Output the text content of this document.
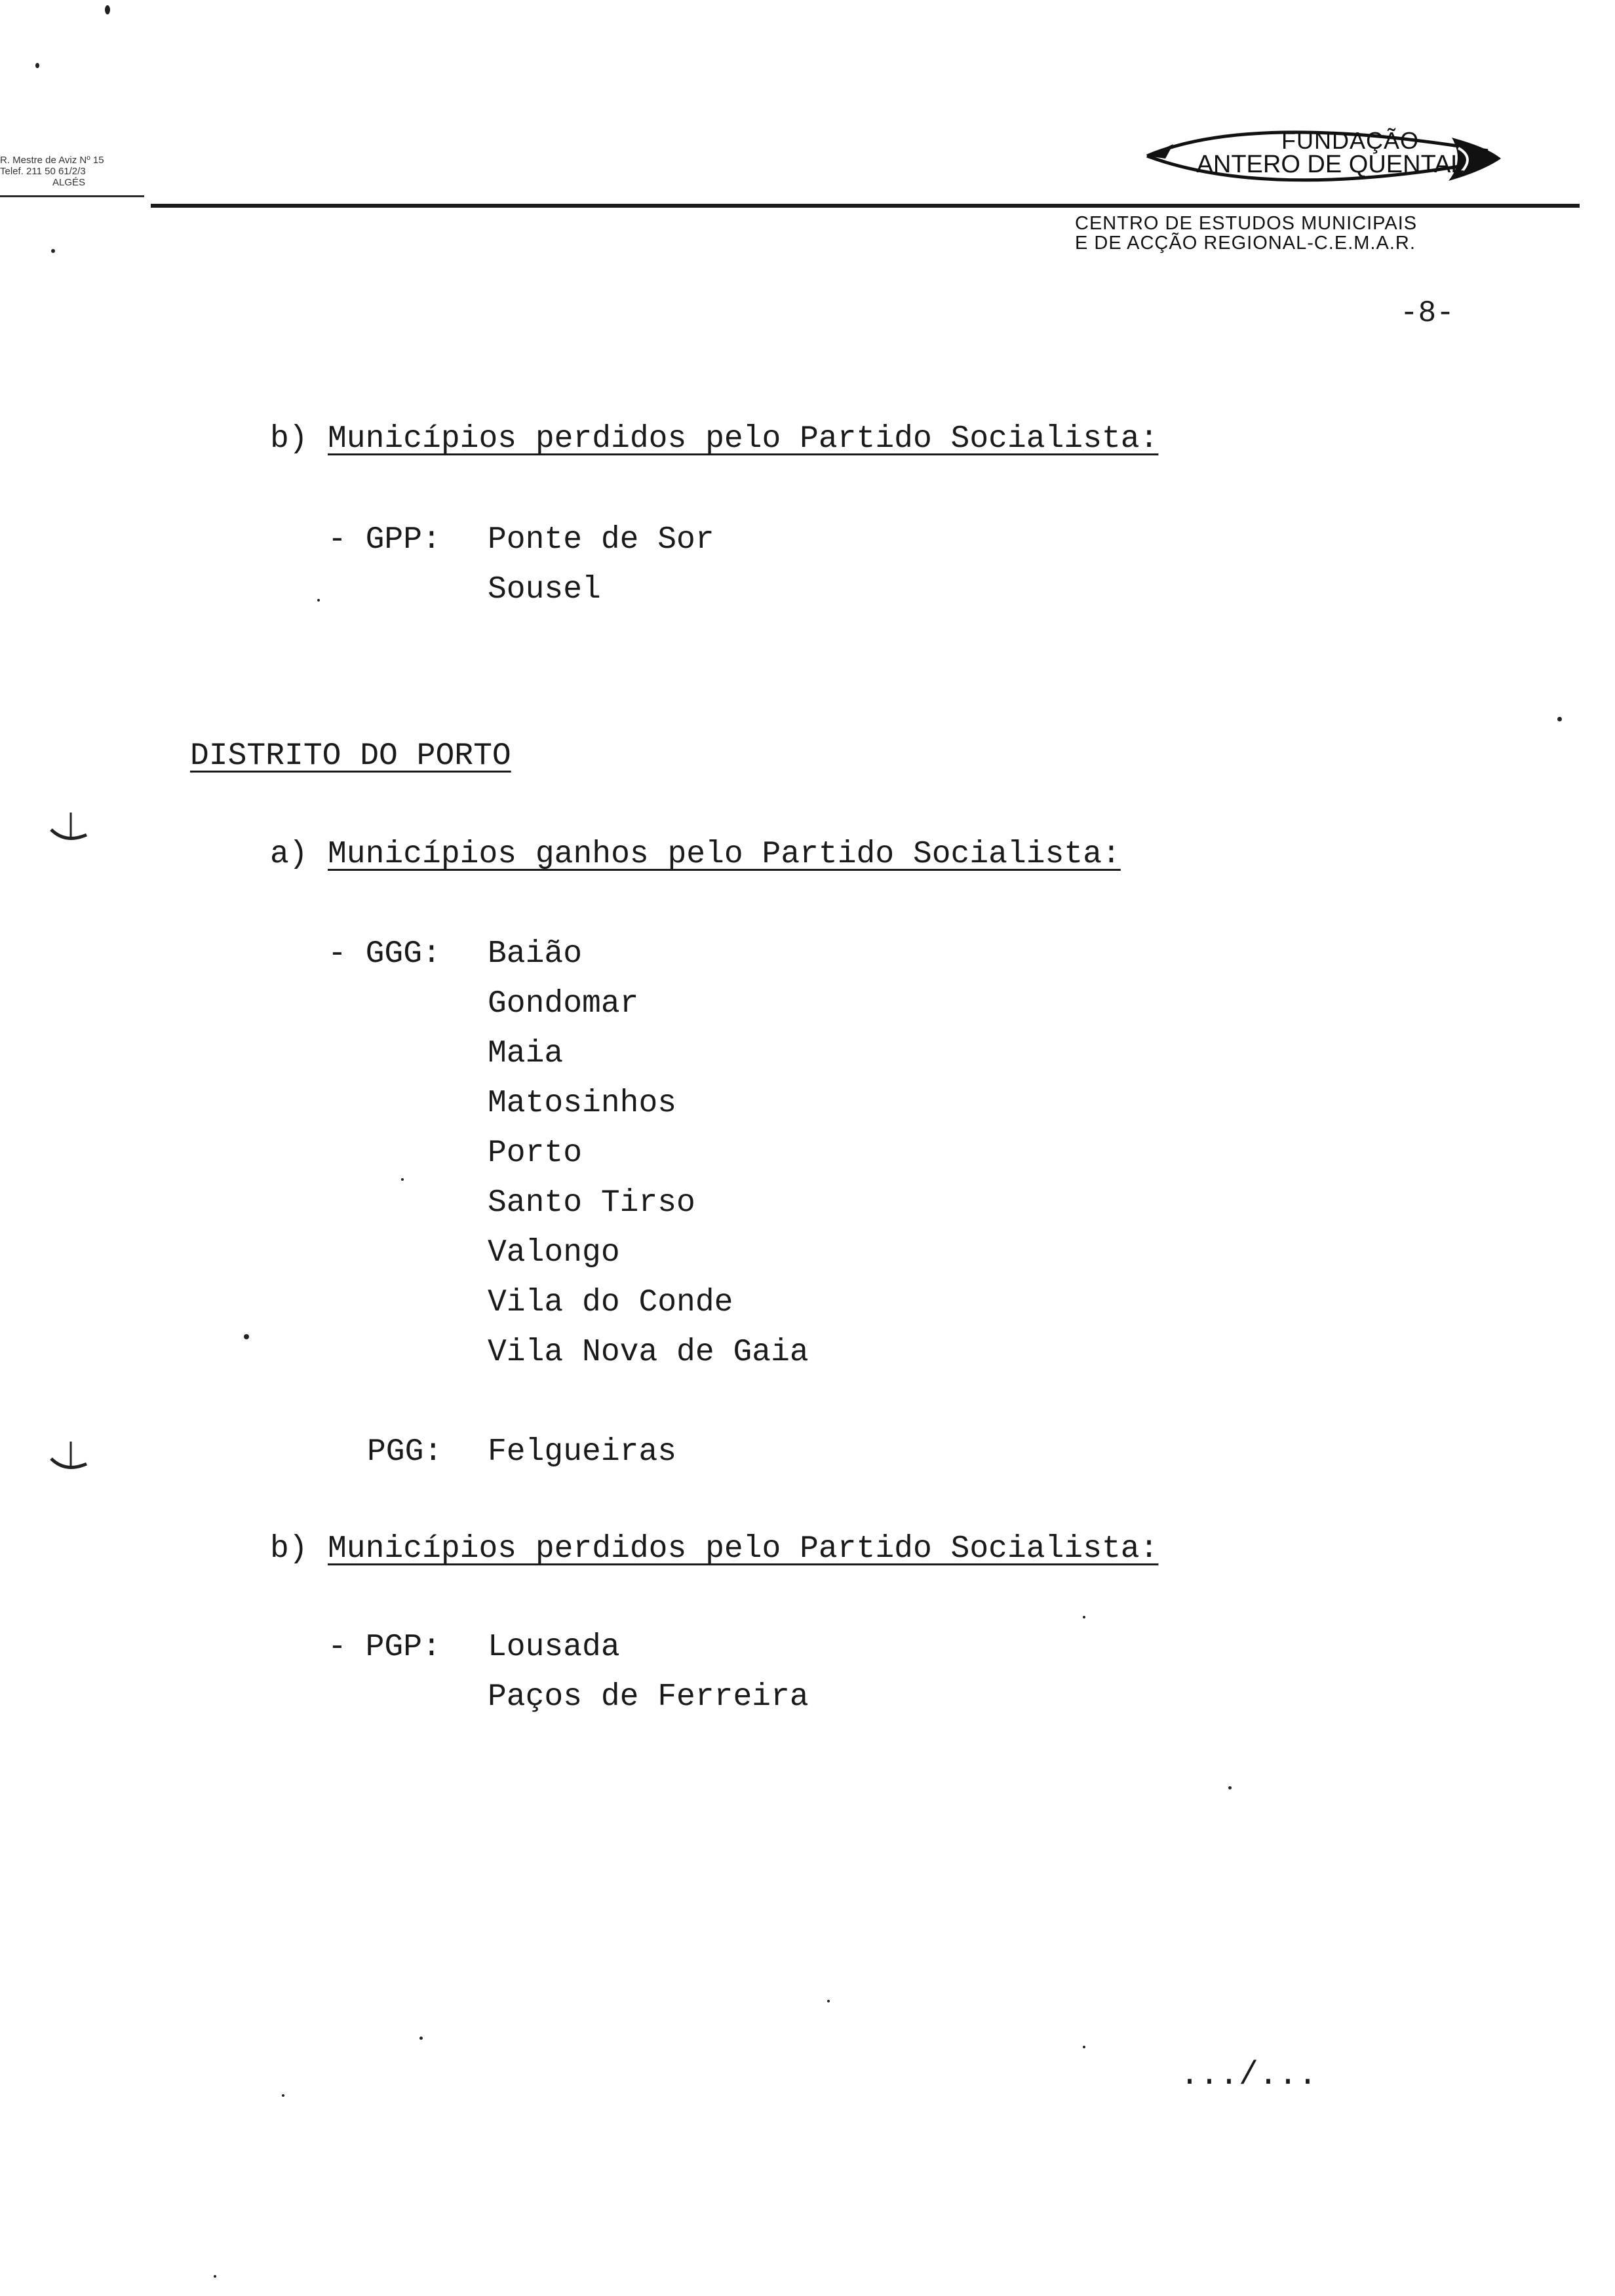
R. Mestre de Aviz Nº 15
Telef. 211 50 61/2/3
ALGÉS
FUNDAÇÃO
ANTERO DE QUENTAL
CENTRO DE ESTUDOS MUNICIPAIS
E DE ACÇÃO REGIONAL-C.E.M.A.R.
-8-
b) Municípios perdidos pelo Partido Socialista:
- GPP: Ponte de Sor
Sousel
DISTRITO DO PORTO
a) Municípios ganhos pelo Partido Socialista:
- GGG: Baião
Gondomar
Maia
Matosinhos
Porto
Santo Tirso
Valongo
Vila do Conde
Vila Nova de Gaia
PGG: Felgueiras
b) Municípios perdidos pelo Partido Socialista:
- PGP: Lousada
Paços de Ferreira
.../...
